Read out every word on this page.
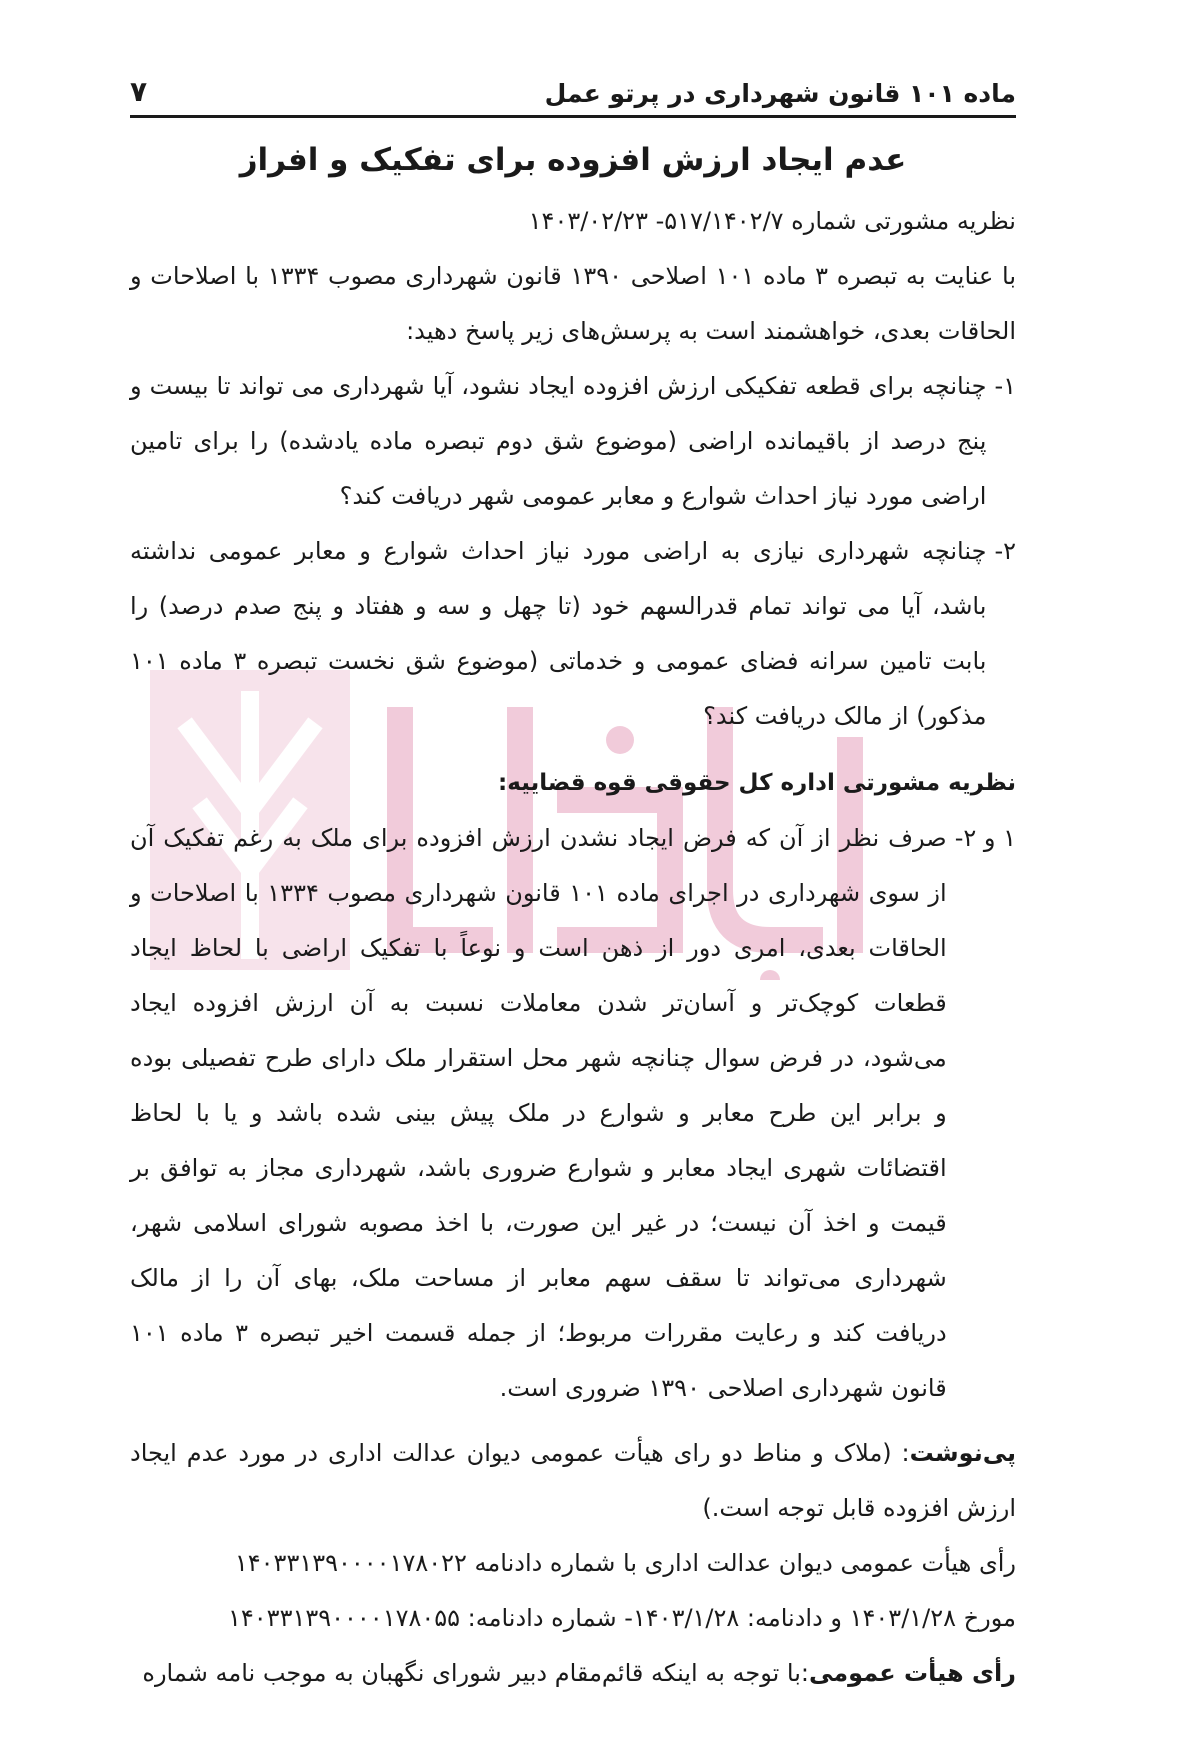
ماده ۱۰۱ قانون شهرداری در پرتو عمل
۷
عدم ایجاد ارزش افزوده برای تفکیک و افراز

نظریه مشورتی شماره ۵۱۷/۱۴۰۲/۷- ۱۴۰۳/۰۲/۲۳

با عنایت به تبصره ۳ ماده ۱۰۱ اصلاحی ۱۳۹۰ قانون شهرداری مصوب ۱۳۳۴ با اصلاحات و الحاقات بعدی، خواهشمند است به پرسش‌های زیر پاسخ دهید:

۱-
چنانچه برای قطعه تفکیکی ارزش افزوده ایجاد نشود، آیا شهرداری می تواند تا بیست و پنج درصد از باقیمانده اراضی (موضوع شق دوم تبصره ماده یادشده) را برای تامین اراضی مورد نیاز احداث شوارع و معابر عمومی شهر دریافت کند؟
۲-
چنانچه شهرداری نیازی به اراضی مورد نیاز احداث شوارع و معابر عمومی نداشته باشد، آیا می تواند تمام قدرالسهم خود (تا چهل و سه و هفتاد و پنج صدم درصد) را بابت تامین سرانه فضای عمومی و خدماتی (موضوع شق نخست تبصره ۳ ماده ۱۰۱ مذکور) از مالک دریافت کند؟
نظریه مشورتی اداره کل حقوقی قوه قضاییه:
۱ و ۲-
صرف نظر از آن که فرض ایجاد نشدن ارزش افزوده برای ملک به رغم تفکیک آن از سوی شهرداری در اجرای ماده ۱۰۱ قانون شهرداری مصوب ۱۳۳۴ با اصلاحات و الحاقات بعدی، امری دور از ذهن است و نوعاً با تفکیک اراضی با لحاظ ایجاد قطعات کوچک‌تر و آسان‌تر شدن معاملات نسبت به آن ارزش افزوده ایجاد می‌شود، در فرض سوال چنانچه شهر محل استقرار ملک دارای طرح تفصیلی بوده و برابر این طرح معابر و شوارع در ملک پیش بینی شده باشد و یا با لحاظ اقتضائات شهری ایجاد معابر و شوارع ضروری باشد، شهرداری مجاز به توافق بر قیمت و اخذ آن نیست؛ در غیر این صورت، با اخذ مصوبه شورای اسلامی شهر، شهرداری می‌تواند تا سقف سهم معابر از مساحت ملک، بهای آن را از مالک دریافت کند و رعایت مقررات مربوط؛ از جمله قسمت اخیر تبصره ۳ ماده ۱۰۱ قانون شهرداری اصلاحی ۱۳۹۰ ضروری است.

پی‌نوشت: (ملاک و مناط دو رای هیأت عمومی دیوان عدالت اداری در مورد عدم ایجاد ارزش افزوده قابل توجه است.)

رأی هیأت عمومی دیوان عدالت اداری با شماره دادنامه ۱۴۰۳۳۱۳۹۰۰۰۰۱۷۸۰۲۲

مورخ ۱۴۰۳/۱/۲۸ و دادنامه: ۱۴۰۳/۱/۲۸- شماره دادنامه: ۱۴۰۳۳۱۳۹۰۰۰۰۱۷۸۰۵۵

رأی هیأت عمومی:با توجه به اینکه قائم‌مقام دبیر شورای نگهبان به موجب نامه شماره
